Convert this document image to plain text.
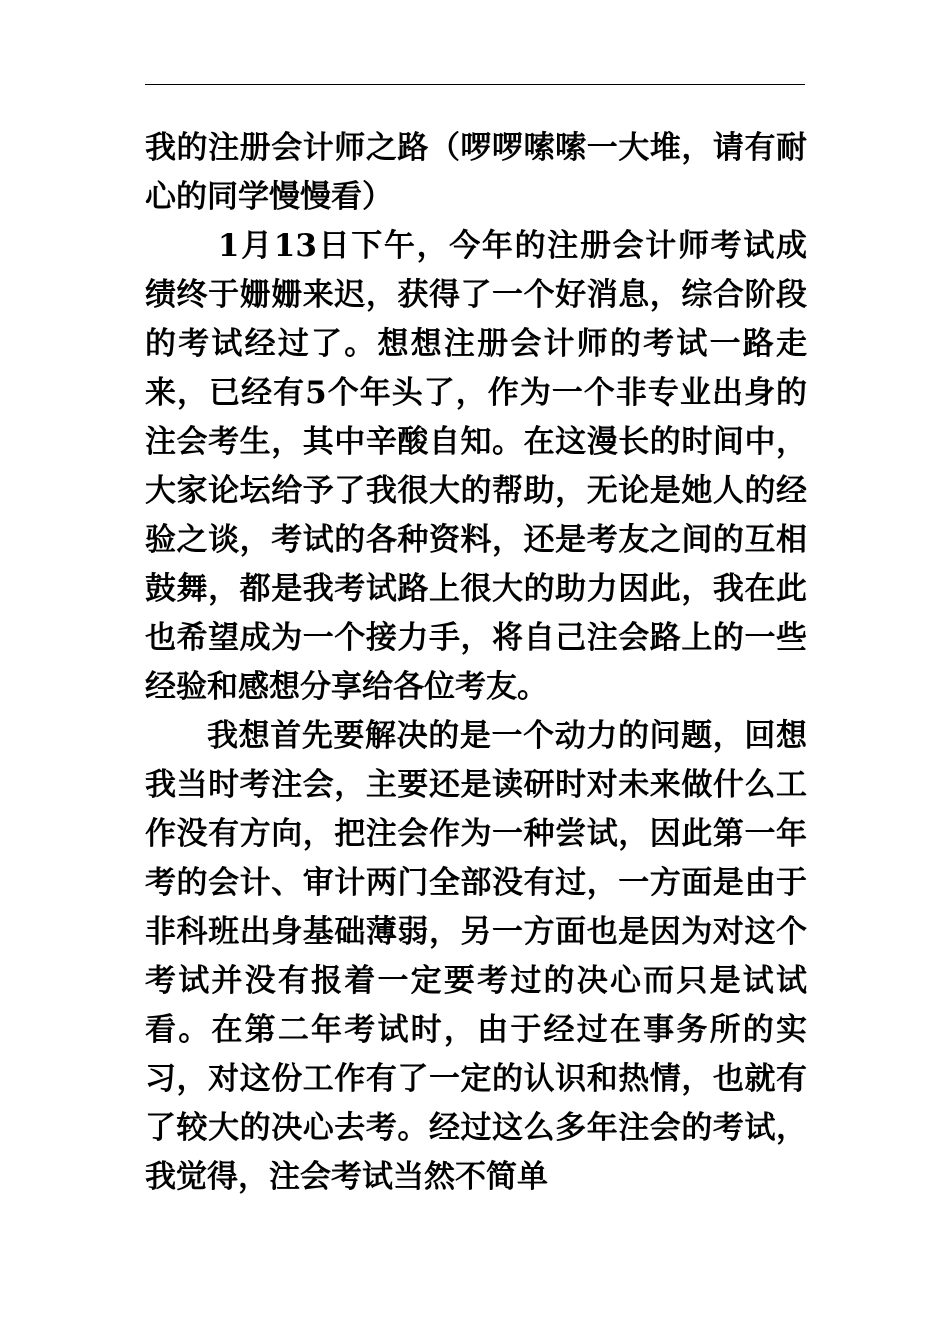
我的注册会计师之路（啰啰嗦嗦一大堆，请有耐心的同学慢慢看）

1月13日下午，今年的注册会计师考试成绩终于姗姗来迟，获得了一个好消息，综合阶段的考试经过了。想想注册会计师的考试一路走来，已经有5个年头了，作为一个非专业出身的注会考生，其中辛酸自知。在这漫长的时间中，大家论坛给予了我很大的帮助，无论是她人的经验之谈，考试的各种资料，还是考友之间的互相鼓舞，都是我考试路上很大的助力因此，我在此也希望成为一个接力手，将自己注会路上的一些经验和感想分享给各位考友。

我想首先要解决的是一个动力的问题，回想我当时考注会，主要还是读研时对未来做什么工作没有方向，把注会作为一种尝试，因此第一年考的会计、审计两门全部没有过，一方面是由于非科班出身基础薄弱，另一方面也是因为对这个考试并没有报着一定要考过的决心而只是试试看。在第二年考试时，由于经过在事务所的实习，对这份工作有了一定的认识和热情，也就有了较大的决心去考。经过这么多年注会的考试，我觉得，注会考试当然不简单
